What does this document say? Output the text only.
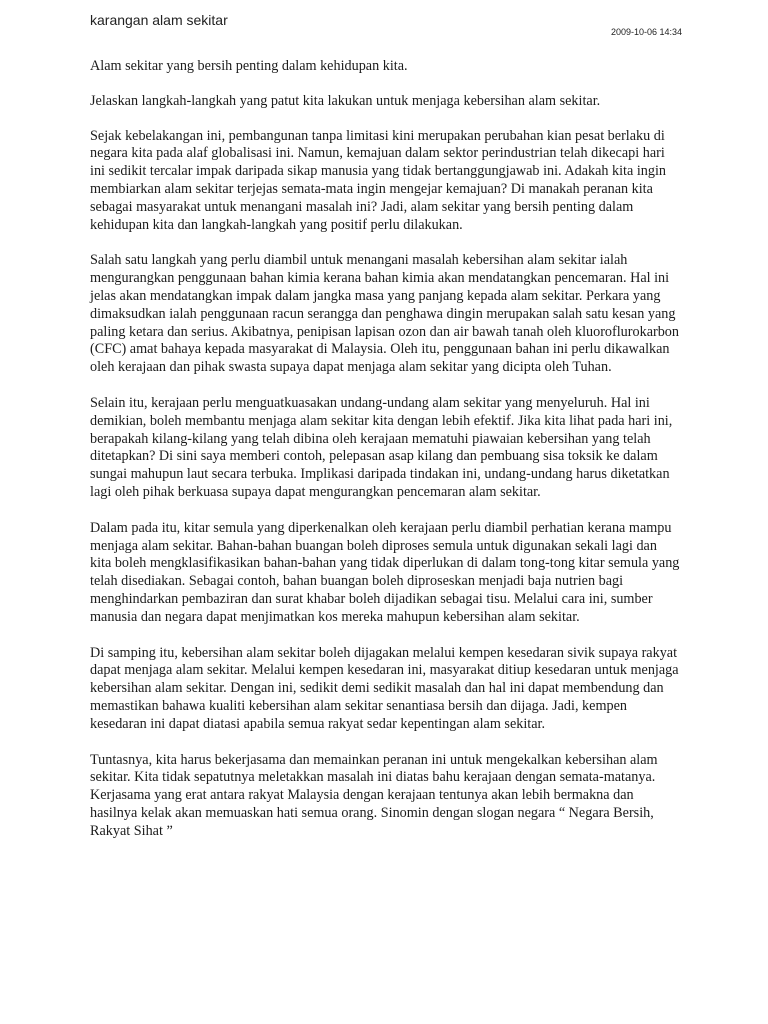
karangan alam sekitar
2009-10-06 14:34

Alam sekitar yang bersih penting dalam kehidupan kita.

Jelaskan langkah-langkah yang patut kita lakukan untuk menjaga kebersihan alam sekitar.

Sejak kebelakangan ini, pembangunan tanpa limitasi kini merupakan perubahan kian pesat berlaku di negara kita pada alaf globalisasi ini. Namun, kemajuan dalam sektor perindustrian telah dikecapi hari ini sedikit tercalar impak daripada sikap manusia yang tidak bertanggungjawab ini. Adakah kita ingin membiarkan alam sekitar terjejas semata-mata ingin mengejar kemajuan? Di manakah peranan kita sebagai masyarakat untuk menangani masalah ini? Jadi, alam sekitar yang bersih penting dalam kehidupan kita dan langkah-langkah yang positif perlu dilakukan.

Salah satu langkah yang perlu diambil untuk menangani masalah kebersihan alam sekitar ialah mengurangkan penggunaan bahan kimia kerana bahan kimia akan mendatangkan pencemaran. Hal ini jelas akan mendatangkan impak dalam jangka masa yang panjang kepada alam sekitar. Perkara yang dimaksudkan ialah penggunaan racun serangga dan penghawa dingin merupakan salah satu kesan yang paling ketara dan serius. Akibatnya, penipisan lapisan ozon dan air bawah tanah oleh kluoroflurokarbon (CFC) amat bahaya kepada masyarakat di Malaysia. Oleh itu, penggunaan bahan ini perlu dikawalkan oleh kerajaan dan pihak swasta supaya dapat menjaga alam sekitar yang dicipta oleh Tuhan.

Selain itu, kerajaan perlu menguatkuasakan undang-undang alam sekitar yang menyeluruh. Hal ini demikian, boleh membantu menjaga alam sekitar kita dengan lebih efektif. Jika kita lihat pada hari ini, berapakah kilang-kilang yang telah dibina oleh kerajaan mematuhi piawaian kebersihan yang telah ditetapkan? Di sini saya memberi contoh, pelepasan asap kilang dan pembuang sisa toksik ke dalam sungai mahupun laut secara terbuka. Implikasi daripada tindakan ini, undang-undang harus diketatkan lagi oleh pihak berkuasa supaya dapat mengurangkan pencemaran alam sekitar.

Dalam pada itu, kitar semula yang diperkenalkan oleh kerajaan perlu diambil perhatian kerana mampu menjaga alam sekitar. Bahan-bahan buangan boleh diproses semula untuk digunakan sekali lagi dan kita boleh mengklasifikasikan bahan-bahan yang tidak diperlukan di dalam tong-tong kitar semula yang telah disediakan. Sebagai contoh, bahan buangan boleh diproseskan menjadi baja nutrien bagi menghindarkan pembaziran dan surat khabar boleh dijadikan sebagai tisu. Melalui cara ini, sumber manusia dan negara dapat menjimatkan kos mereka mahupun kebersihan alam sekitar.

Di samping itu, kebersihan alam sekitar boleh dijagakan melalui kempen kesedaran sivik supaya rakyat dapat menjaga alam sekitar. Melalui kempen kesedaran ini, masyarakat ditiup kesedaran untuk menjaga kebersihan alam sekitar. Dengan ini, sedikit demi sedikit masalah dan hal ini dapat membendung dan memastikan bahawa kualiti kebersihan alam sekitar senantiasa bersih dan dijaga. Jadi, kempen kesedaran ini dapat diatasi apabila semua rakyat sedar kepentingan alam sekitar.

Tuntasnya, kita harus bekerjasama dan memainkan peranan ini untuk mengekalkan kebersihan alam sekitar. Kita tidak sepatutnya meletakkan masalah ini diatas bahu kerajaan dengan semata-matanya. Kerjasama yang erat antara rakyat Malaysia dengan kerajaan tentunya akan lebih bermakna dan hasilnya kelak akan memuaskan hati semua orang. Sinomin dengan slogan negara “ Negara Bersih, Rakyat Sihat ”
